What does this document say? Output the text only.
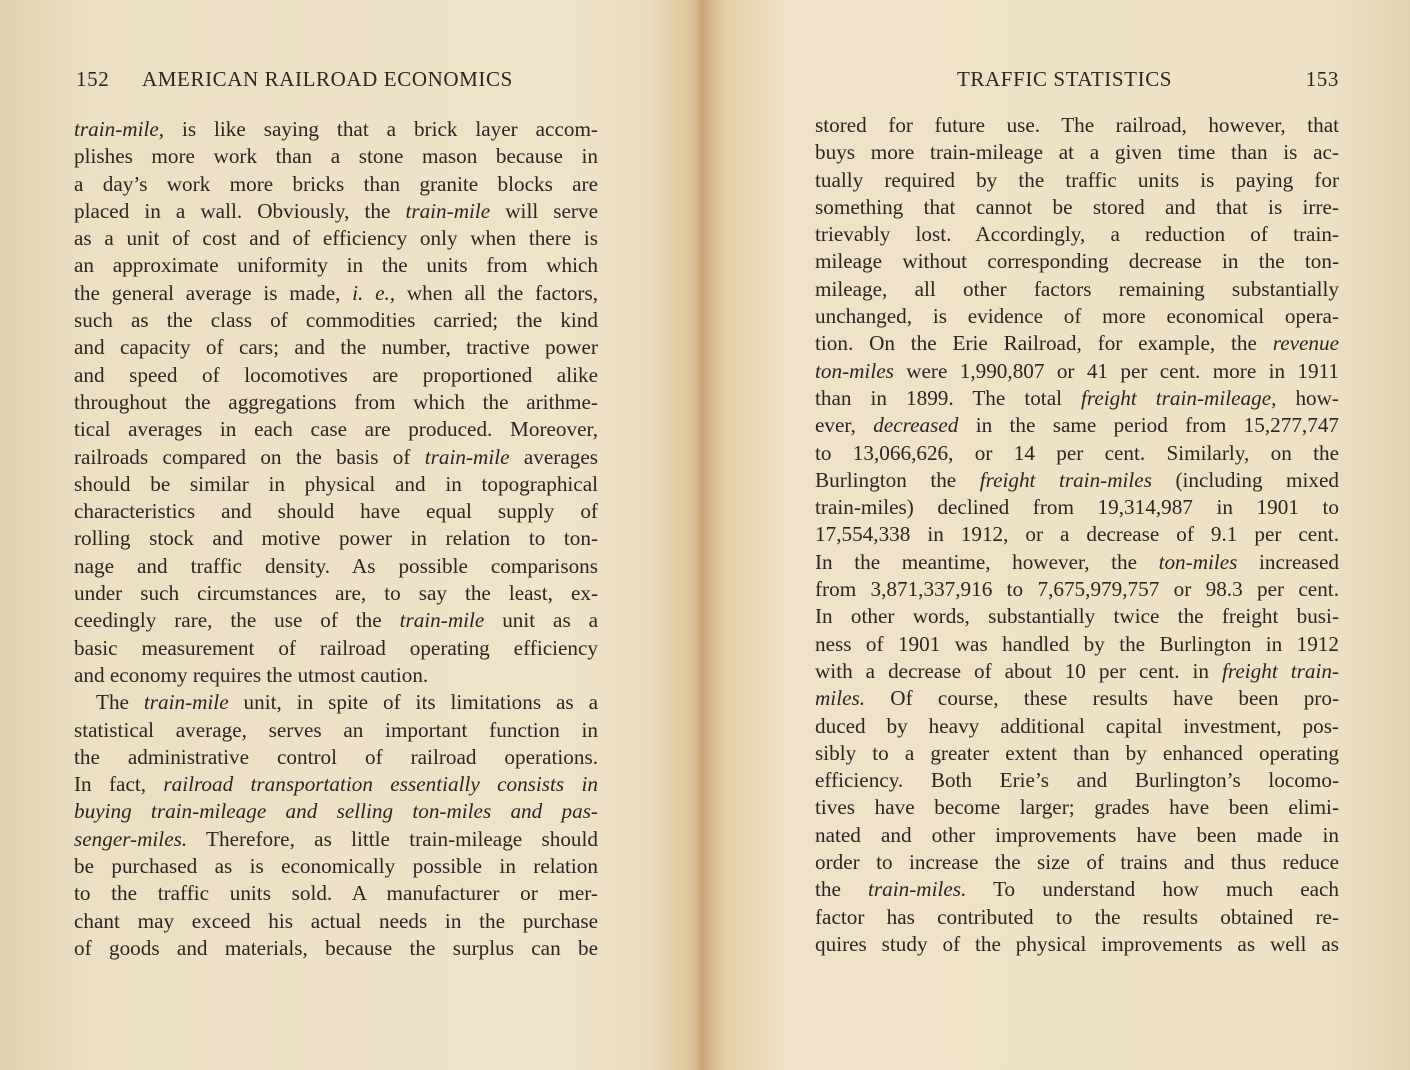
152 AMERICAN RAILROAD ECONOMICS
train-mile, is like saying that a brick layer accom-
plishes more work than a stone mason because in
a day’s work more bricks than granite blocks are
placed in a wall. Obviously, the train-mile will serve
as a unit of cost and of efficiency only when there is
an approximate uniformity in the units from which
the general average is made, i. e., when all the factors,
such as the class of commodities carried; the kind
and capacity of cars; and the number, tractive power
and speed of locomotives are proportioned alike
throughout the aggregations from which the arithme-
tical averages in each case are produced. Moreover,
railroads compared on the basis of train-mile averages
should be similar in physical and in topographical
characteristics and should have equal supply of
rolling stock and motive power in relation to ton-
nage and traffic density. As possible comparisons
under such circumstances are, to say the least, ex-
ceedingly rare, the use of the train-mile unit as a
basic measurement of railroad operating efficiency
and economy requires the utmost caution.
The train-mile unit, in spite of its limitations as a
statistical average, serves an important function in
the administrative control of railroad operations.
In fact, railroad transportation essentially consists in
buying train-mileage and selling ton-miles and pas-
senger-miles. Therefore, as little train-mileage should
be purchased as is economically possible in relation
to the traffic units sold. A manufacturer or mer-
chant may exceed his actual needs in the purchase
of goods and materials, because the surplus can be
TRAFFIC STATISTICS	153
stored for future use. The railroad, however, that
buys more train-mileage at a given time than is ac-
tually required by the traffic units is paying for
something that cannot be stored and that is irre-
trievably lost. Accordingly, a reduction of train-
mileage without corresponding decrease in the ton-
mileage, all other factors remaining substantially
unchanged, is evidence of more economical opera-
tion. On the Erie Railroad, for example, the revenue
ton-miles were 1,990,807 or 41 per cent. more in 1911
than in 1899. The total freight train-mileage, how-
ever, decreased in the same period from 15,277,747
to 13,066,626, or 14 per cent. Similarly, on the
Burlington the freight train-miles (including mixed
train-miles) declined from 19,314,987 in 1901 to
17,554,338 in 1912, or a decrease of 9.1 per cent.
In the meantime, however, the ton-miles increased
from 3,871,337,916 to 7,675,979,757 or 98.3 per cent.
In other words, substantially twice the freight busi-
ness of 1901 was handled by the Burlington in 1912
with a decrease of about 10 per cent. in freight train-
miles. Of course, these results have been pro-
duced by heavy additional capital investment, pos-
sibly to a greater extent than by enhanced operating
efficiency. Both Erie’s and Burlington’s locomo-
tives have become larger; grades have been elimi-
nated and other improvements have been made in
order to increase the size of trains and thus reduce
the train-miles. To understand how much each
factor has contributed to the results obtained re-
quires study of the physical improvements as well as
